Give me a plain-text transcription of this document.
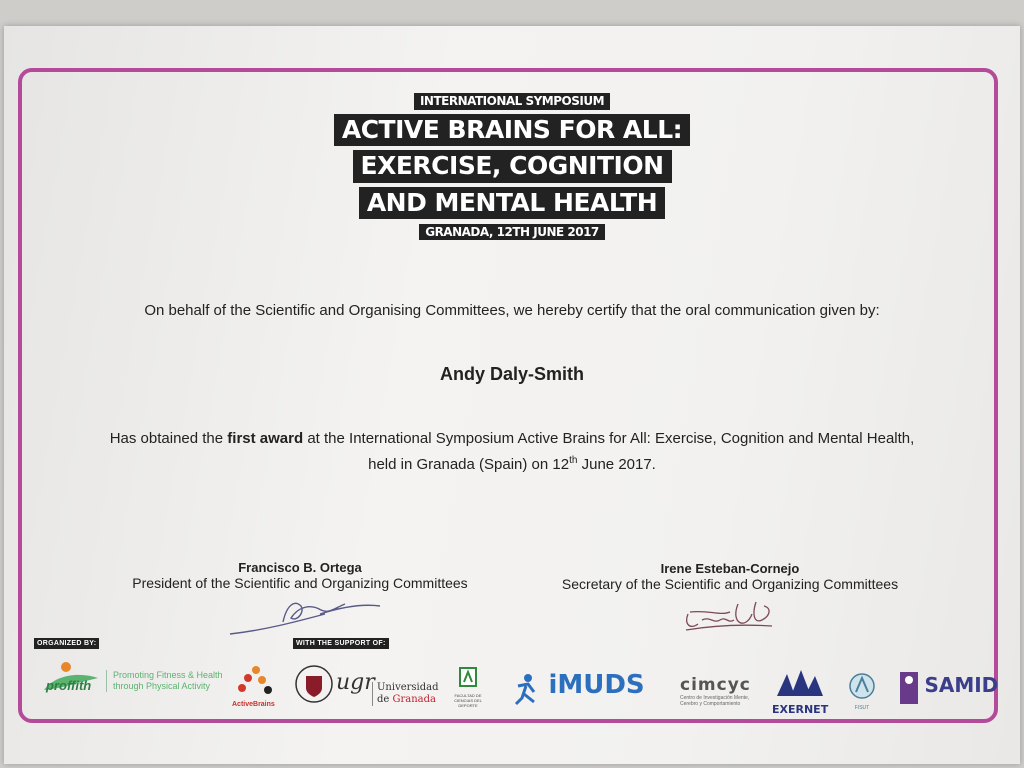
INTERNATIONAL SYMPOSIUM
ACTIVE BRAINS FOR ALL:
EXERCISE, COGNITION
AND MENTAL HEALTH
GRANADA, 12TH JUNE 2017
On behalf of the Scientific and Organising Committees, we hereby certify that the oral communication given by:
Andy Daly-Smith
Has obtained the first award at the International Symposium Active Brains for All: Exercise, Cognition and Mental Health,
held in Granada (Spain) on 12th June 2017.
Francisco B. Ortega
President of the Scientific and Organizing Committees
Irene Esteban-Cornejo
Secretary of the Scientific and Organizing Committees
ORGANIZED BY:	WITH THE SUPPORT OF:
proffith
Promoting Fitness & Health
through Physical Activity
ActiveBrains
ugr Universidad
de Granada	FACULTAD DE CIENCIAS DEL DEPORTE
iMUDS cimcyc
Centro de Investigación Mente, Cerebro y Comportamiento	EXERNET	FISUT
SAMID
